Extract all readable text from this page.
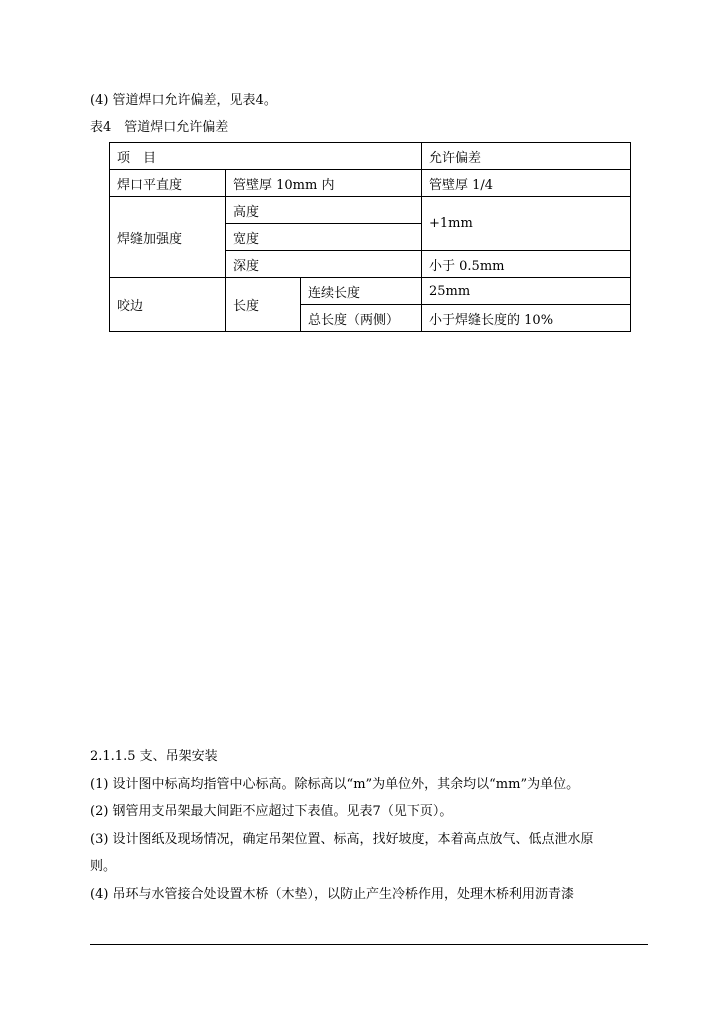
(4) 管道焊口允许偏差，见表4。
表4　管道焊口允许偏差
项　目			允许偏差
焊口平直度	管壁厚 10mm 内		管壁厚 1/4
焊缝加强度	高度		+1mm
	宽度		
	深度		小于 0.5mm
咬边	长度	连续长度	25mm
		总长度（两侧）	小于焊缝长度的 10%
2.1.1.5 支、吊架安装
(1) 设计图中标高均指管中心标高。除标高以“m”为单位外，其余均以“mm”为单位。
(2) 钢管用支吊架最大间距不应超过下表值。见表7（见下页）。
(3) 设计图纸及现场情况，确定吊架位置、标高，找好坡度，本着高点放气、低点泄水原
则。
(4) 吊环与水管接合处设置木桥（木垫），以防止产生冷桥作用，处理木桥利用沥青漆
